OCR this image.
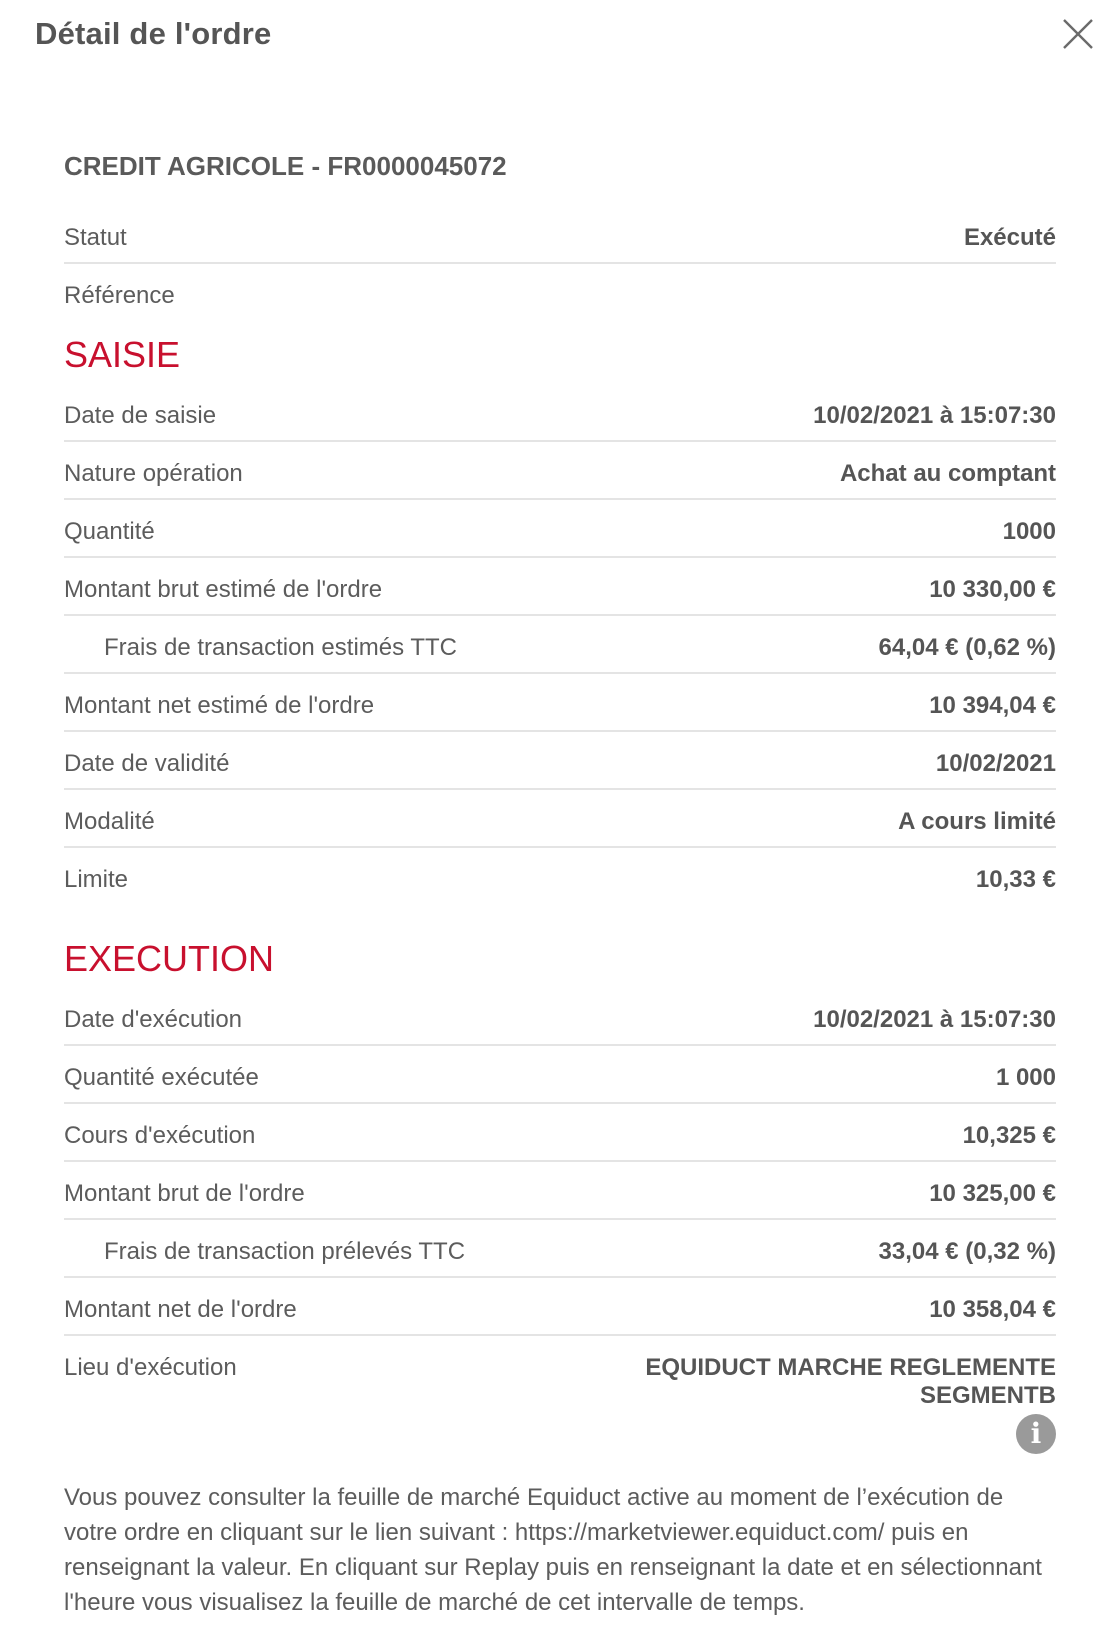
Détail de l'ordre
CREDIT AGRICOLE - FR0000045072
Statut	Exécuté
Référence
SAISIE
Date de saisie	10/02/2021 à 15:07:30
Nature opération	Achat au comptant
Quantité	1000
Montant brut estimé de l'ordre	10 330,00 €
Frais de transaction estimés TTC	64,04 € (0,62 %)
Montant net estimé de l'ordre	10 394,04 €
Date de validité	10/02/2021
Modalité	A cours limité
Limite	10,33 €
EXECUTION
Date d'exécution	10/02/2021 à 15:07:30
Quantité exécutée	1 000
Cours d'exécution	10,325 €
Montant brut de l'ordre	10 325,00 €
Frais de transaction prélevés TTC	33,04 € (0,32 %)
Montant net de l'ordre	10 358,04 €
Lieu d'exécution	EQUIDUCT MARCHE REGLEMENTE
SEGMENTB
i
Vous pouvez consulter la feuille de marché Equiduct active au moment de l’exécution de votre ordre en cliquant sur le lien suivant : https://marketviewer.equiduct.com/ puis en renseignant la valeur. En cliquant sur Replay puis en renseignant la date et en sélectionnant l'heure vous visualisez la feuille de marché de cet intervalle de temps.
